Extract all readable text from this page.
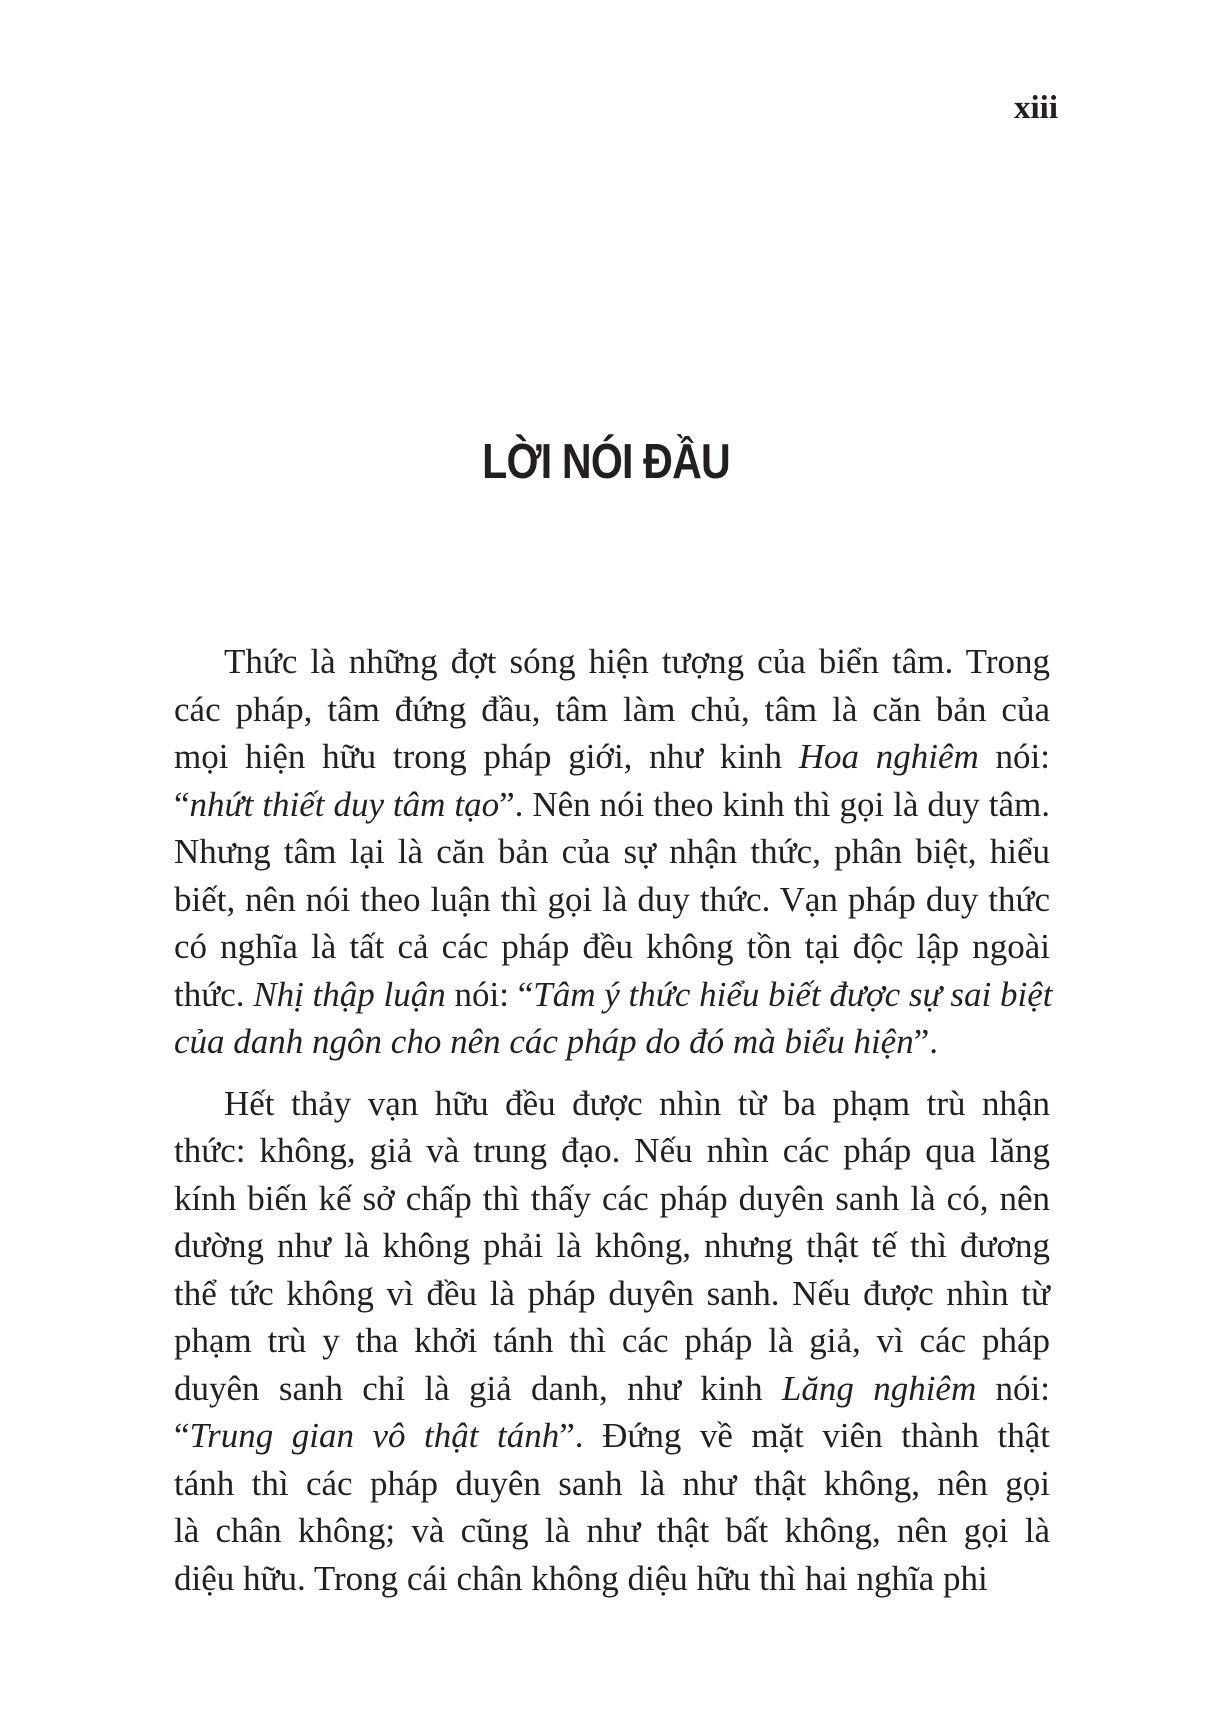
xiii
LỜI NÓI ĐẦU
Thức là những đợt sóng hiện tượng của biển tâm. Trong
các pháp, tâm đứng đầu, tâm làm chủ, tâm là căn bản của
mọi hiện hữu trong pháp giới, như kinh Hoa nghiêm nói:
“nhứt thiết duy tâm tạo”. Nên nói theo kinh thì gọi là duy tâm.
Nhưng tâm lại là căn bản của sự nhận thức, phân biệt, hiểu
biết, nên nói theo luận thì gọi là duy thức. Vạn pháp duy thức
có nghĩa là tất cả các pháp đều không tồn tại độc lập ngoài
thức. Nhị thập luận nói: “Tâm ý thức hiểu biết được sự sai biệt
của danh ngôn cho nên các pháp do đó mà biểu hiện”.
Hết thảy vạn hữu đều được nhìn từ ba phạm trù nhận
thức: không, giả và trung đạo. Nếu nhìn các pháp qua lăng
kính biến kế sở chấp thì thấy các pháp duyên sanh là có, nên
dường như là không phải là không, nhưng thật tế thì đương
thể tức không vì đều là pháp duyên sanh. Nếu được nhìn từ
phạm trù y tha khởi tánh thì các pháp là giả, vì các pháp
duyên sanh chỉ là giả danh, như kinh Lăng nghiêm nói:
“Trung gian vô thật tánh”. Đứng về mặt viên thành thật
tánh thì các pháp duyên sanh là như thật không, nên gọi
là chân không; và cũng là như thật bất không, nên gọi là
diệu hữu. Trong cái chân không diệu hữu thì hai nghĩa phi
